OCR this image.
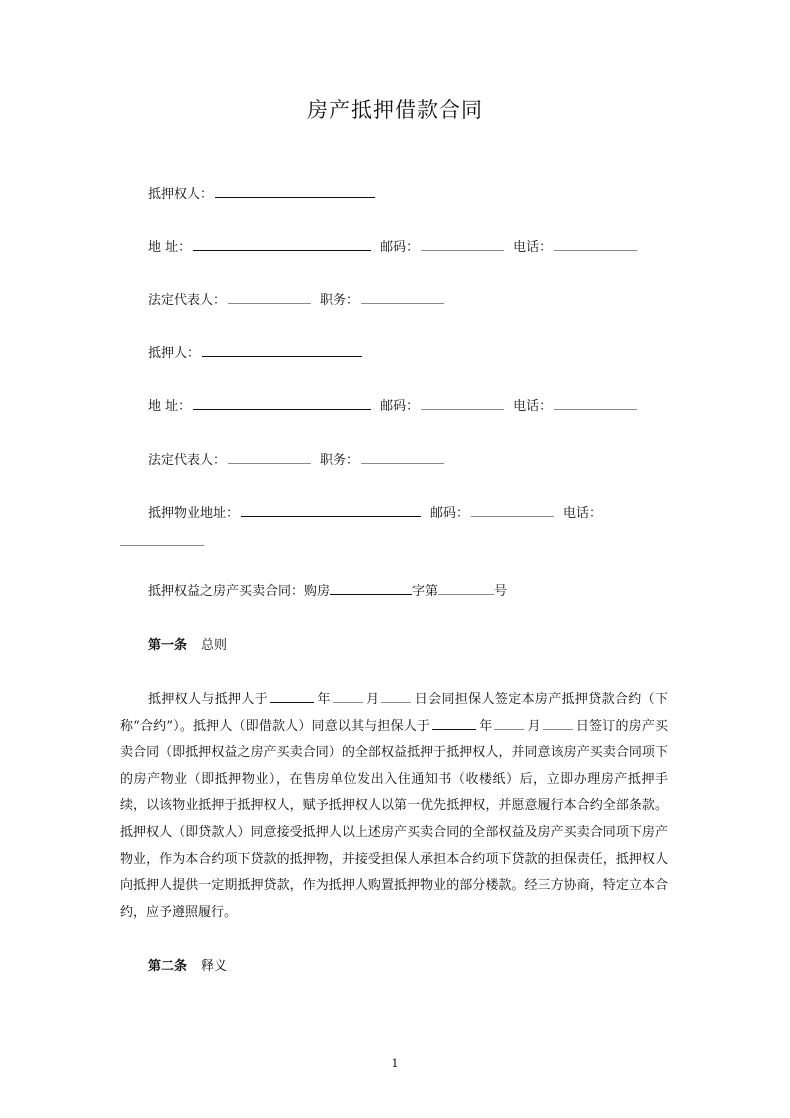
房产抵押借款合同
抵押权人：
地 址：	邮码：	电话：
法定代表人：	职务：
抵押人：
地 址：	邮码：	电话：
法定代表人：	职务：
抵押物业地址：	邮码：	电话：
抵押权益之房产买卖合同：购房	字第	号
第一条 总则

抵押权人与抵押人于	年	月	日会同担保人签定本房产抵押贷款合约（下称“合约”）。抵押人（即借款人）同意以其与担保人于	年	月	日签订的房产买卖合同（即抵押权益之房产买卖合同）的全部权益抵押于抵押权人，并同意该房产买卖合同项下的房产物业（即抵押物业），在售房单位发出入住通知书（收楼纸）后，立即办理房产抵押手续，以该物业抵押于抵押权人，赋予抵押权人以第一优先抵押权，并愿意履行本合约全部条款。抵押权人（即贷款人）同意接受抵押人以上述房产买卖合同的全部权益及房产买卖合同项下房产物业，作为本合约项下贷款的抵押物，并接受担保人承担本合约项下贷款的担保责任，抵押权人向抵押人提供一定期抵押贷款，作为抵押人购置抵押物业的部分楼款。经三方协商，特定立本合约，应予遵照履行。

第二条 释义
1
